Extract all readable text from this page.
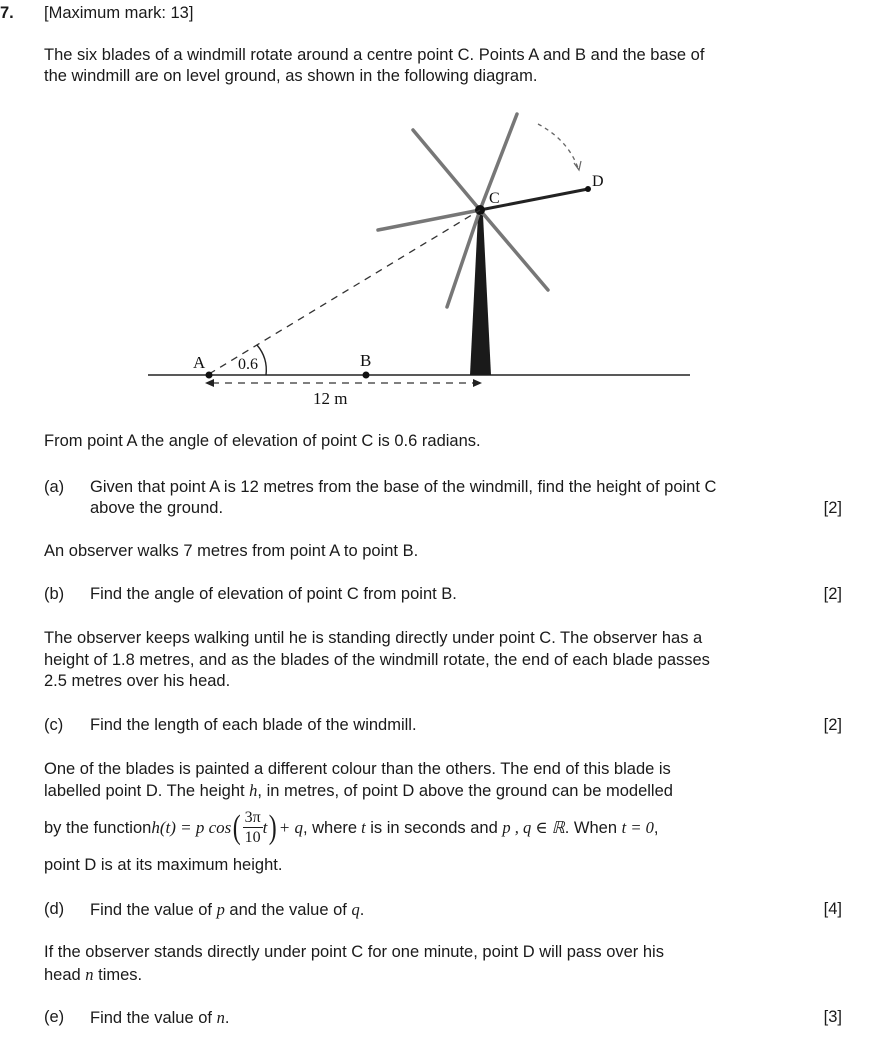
7. [Maximum mark: 13]
The six blades of a windmill rotate around a centre point C. Points A and B and the base of
the windmill are on level ground, as shown in the following diagram.
A	B
C
D
0.6
12 m
From point A the angle of elevation of point C is 0.6 radians.
(a) Given that point A is 12 metres from the base of the windmill, find the height of point C
above the ground.	[2]
An observer walks 7 metres from point A to point B.
(b) Find the angle of elevation of point C from point B.	[2]
The observer keeps walking until he is standing directly under point C. The observer has a
height of 1.8 metres, and as the blades of the windmill rotate, the end of each blade passes
2.5 metres over his head.
(c) Find the length of each blade of the windmill.	[2]
One of the blades is painted a different colour than the others. The end of this blade is
labelled point D. The height h, in metres, of point D above the ground can be modelled
by the function h(t) = p cos ( $\frac{3\pi}{10}$ t ) + q , where t is in seconds and p , q ∈ ℝ . When t = 0 ,
point D is at its maximum height.
(d) Find the value of p and the value of q.	[4]
If the observer stands directly under point C for one minute, point D will pass over his
head n times.
(e) Find the value of n.	[3]
